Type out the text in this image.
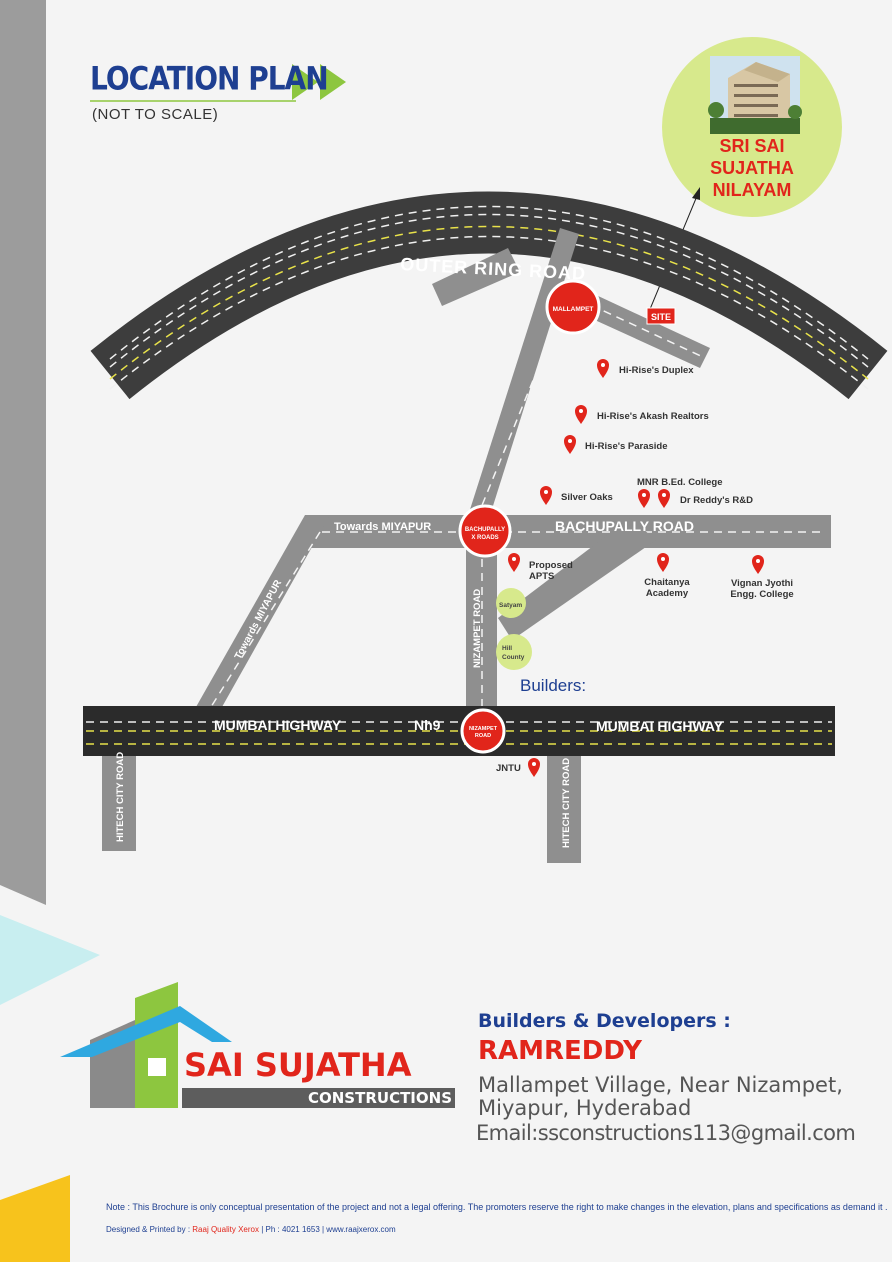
SITE
MALLAMPET
BACHUPALLY
X ROADS
NIZAMPET
ROAD
OUTER RING ROAD
BACHUPALLY ROAD
Towards MIYAPUR
Towards MIYAPUR	NIZAMPET ROAD
MUMBAI HIGHWAY	Nh9	MUMBAI HIGHWAY
HITECH CITY ROAD	HITECH CITY ROAD
Hi-Rise's Duplex
Hi-Rise's Akash Realtors
Hi-Rise's Paraside
Silver Oaks
MNR B.Ed. College
Dr Reddy's R&D
Proposed
APTS
Chaitanya
Academy
Vignan Jyothi
Engg. College
JNTU
Satyam
Hill
County
LOCATION PLAN
(NOT TO SCALE)
SRI SAI SUJATHA NILAYAM
Builders:
SAI SUJATHA
CONSTRUCTIONS
Builders & Developers :
RAMREDDY
Mallampet Village, Near Nizampet,
Miyapur, Hyderabad
Email:ssconstructions113@gmail.com
Note : This Brochure is only conceptual presentation of the project and not a legal offering. The promoters reserve the right to make changes in the elevation, plans and specifications as demand it .
Designed & Printed by : Raaj Quality Xerox | Ph : 4021 1653 | www.raajxerox.com
